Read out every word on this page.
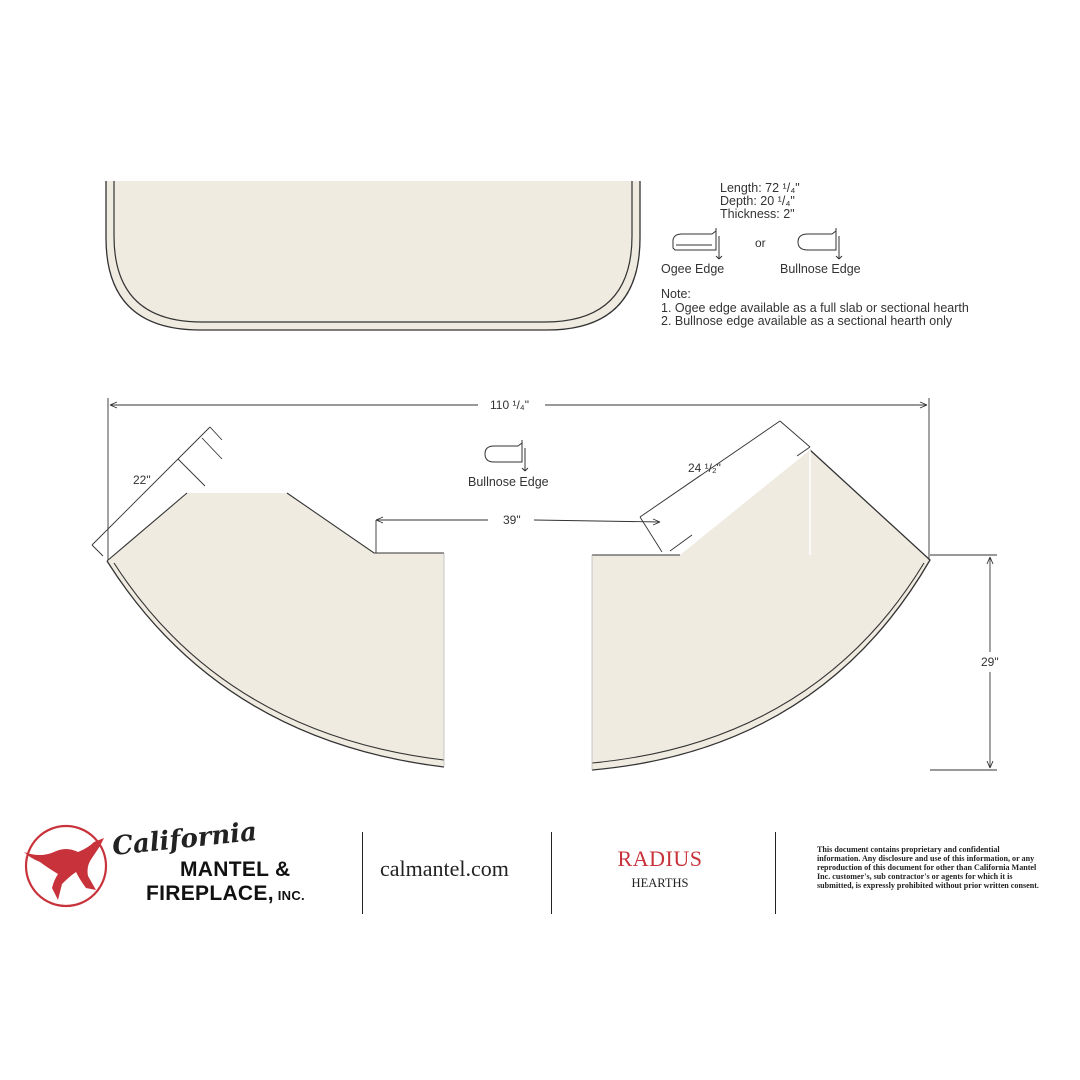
or
Ogee Edge	Bullnose Edge
110 ¹/₄"
22"
39"
24 ¹/₂"
29"
Bullnose Edge
Length: 72 ¹/₄"
Depth: 20 ¹/₄"
Thickness: 2"
Note:
1. Ogee edge available as a full slab or sectional hearth
2. Bullnose edge available as a sectional hearth only
California
MANTEL &
FIREPLACE, INC.
calmantel.com	RADIUS
HEARTHS
This document contains proprietary and confidential information. Any disclosure and use of this information, or any reproduction of this document for other than California Mantel Inc. customer's, sub contractor's or agents for which it is submitted, is expressly prohibited without prior written consent.
